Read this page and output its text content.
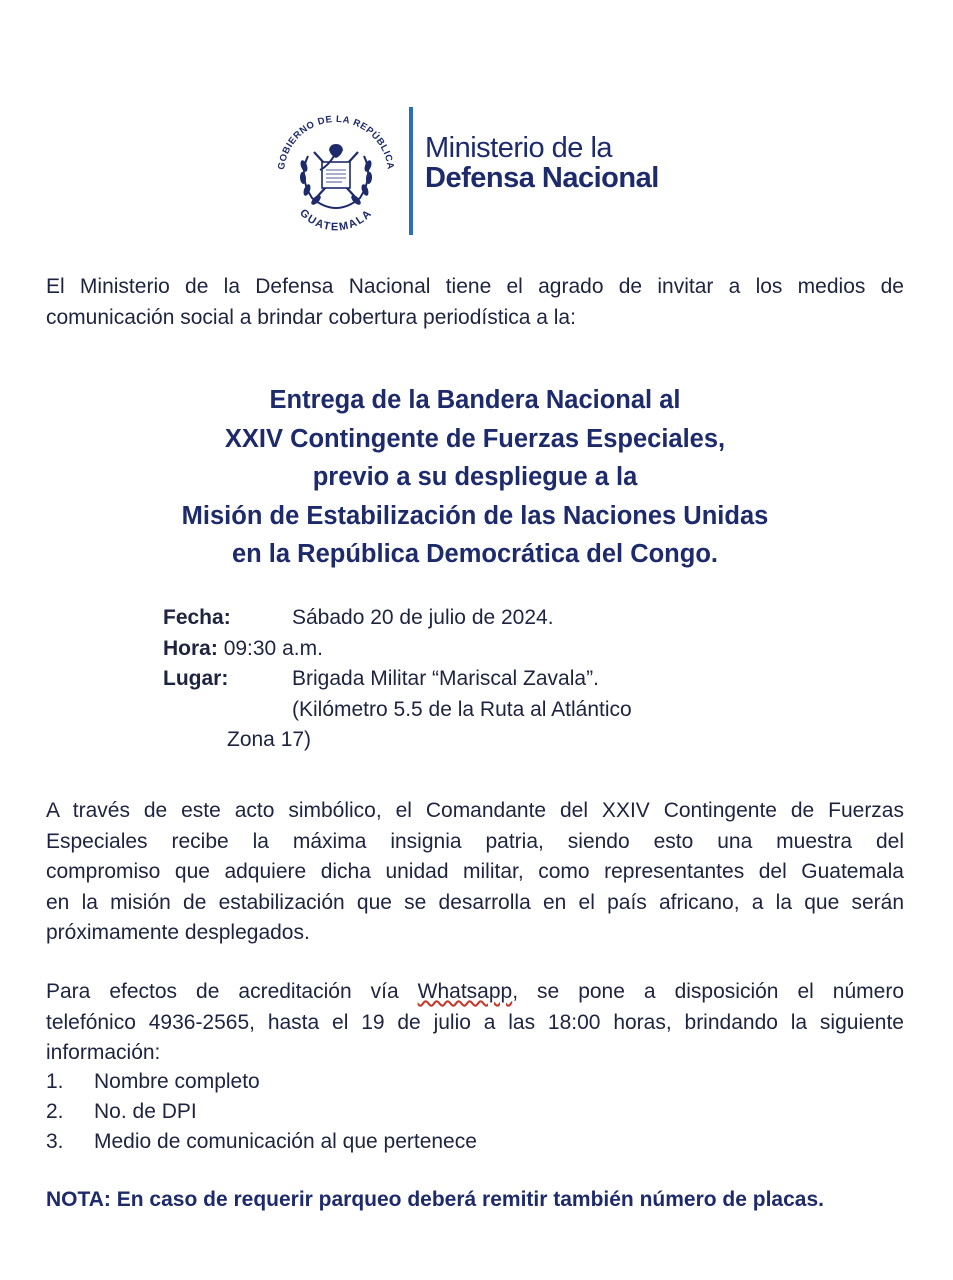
GOBIERNO DE LA REPÚBLICA
GUATEMALA
Ministerio de la
Defensa Nacional
El Ministerio de la Defensa Nacional tiene el agrado de invitar a los medios de
comunicación social a brindar cobertura periodística a la:
Entrega de la Bandera Nacional al
XXIV Contingente de Fuerzas Especiales,
previo a su despliegue a la
Misión de Estabilización de las Naciones Unidas
en la República Democrática del Congo.
Fecha:	Sábado 20 de julio de 2024.
Hora: 09:30 a.m.
Lugar:	Brigada Militar “Mariscal Zavala”.
(Kilómetro 5.5 de la Ruta al Atlántico
Zona 17)
A través de este acto simbólico, el Comandante del XXIV Contingente de Fuerzas
Especiales recibe la máxima insignia patria, siendo esto una muestra del
compromiso que adquiere dicha unidad militar, como representantes del Guatemala
en la misión de estabilización que se desarrolla en el país africano, a la que serán
próximamente desplegados.
Para efectos de acreditación vía Whatsapp, se pone a disposición el número
telefónico 4936-2565, hasta el 19 de julio a las 18:00 horas, brindando la siguiente
información:
1. Nombre completo
2. No. de DPI
3. Medio de comunicación al que pertenece
NOTA: En caso de requerir parqueo deberá remitir también número de placas.
